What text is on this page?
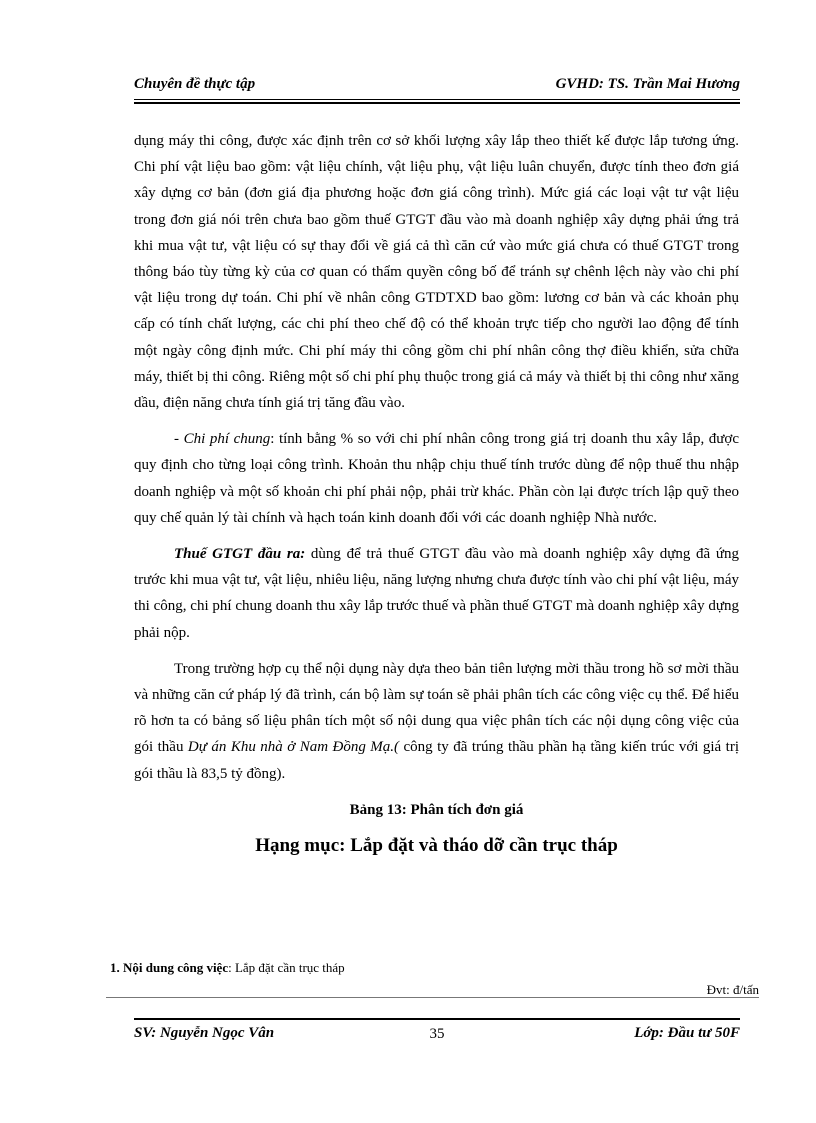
Chuyên đề thực tập	GVHD: TS. Trần Mai Hương

dụng máy thi công, được xác định trên cơ sở khối lượng xây lắp theo thiết kế được lắp tương ứng. Chi phí vật liệu bao gồm: vật liệu chính, vật liệu phụ, vật liệu luân chuyển, được tính theo đơn giá xây dựng cơ bản (đơn giá địa phương hoặc đơn giá công trình). Mức giá các loại vật tư vật liệu trong đơn giá nói trên chưa bao gồm thuế GTGT đầu vào mà doanh nghiệp xây dựng phải ứng trả khi mua vật tư, vật liệu có sự thay đổi về giá cả thì căn cứ vào mức giá chưa có thuế GTGT trong thông báo tùy từng kỳ của cơ quan có thẩm quyền công bố để tránh sự chênh lệch này vào chi phí vật liệu trong dự toán. Chi phí về nhân công GTDTXD bao gồm: lương cơ bản và các khoản phụ cấp có tính chất lượng, các chi phí theo chế độ có thể khoản trực tiếp cho người lao động để tính một ngày công định mức. Chi phí máy thi công gồm chi phí nhân công thợ điều khiển, sửa chữa máy, thiết bị thi công. Riêng một số chi phí phụ thuộc trong giá cả máy và thiết bị thi công như xăng dầu, điện năng chưa tính giá trị tăng đầu vào.

- Chi phí chung: tính bằng % so với chi phí nhân công trong giá trị doanh thu xây lắp, được quy định cho từng loại công trình. Khoản thu nhập chịu thuế tính trước dùng để nộp thuế thu nhập doanh nghiệp và một số khoản chi phí phải nộp, phải trừ khác. Phần còn lại được trích lập quỹ theo quy chế quản lý tài chính và hạch toán kinh doanh đối với các doanh nghiệp Nhà nước.

Thuế GTGT đầu ra: dùng để trả thuế GTGT đầu vào mà doanh nghiệp xây dựng đã ứng trước khi mua vật tư, vật liệu, nhiêu liệu, năng lượng nhưng chưa được tính vào chi phí vật liệu, máy thi công, chi phí chung doanh thu xây lắp trước thuế và phần thuế GTGT mà doanh nghiệp xây dựng phải nộp.

Trong trường hợp cụ thể nội dụng này dựa theo bản tiên lượng mời thầu trong hồ sơ mời thầu và những căn cứ pháp lý đã trình, cán bộ làm sự toán sẽ phải phân tích các công việc cụ thể. Để hiểu rõ hơn ta có bảng số liệu phân tích một số nội dung qua việc phân tích các nội dụng công việc của gói thầu Dự án Khu nhà ở Nam Đồng Mạ.( công ty đã trúng thầu phần hạ tầng kiến trúc với giá trị gói thầu là 83,5 tỷ đồng).

Bảng 13: Phân tích đơn giá

Hạng mục: Lắp đặt và tháo dỡ cần trục tháp

1. Nội dung công việc: Lắp đặt cần trục tháp
Đvt: đ/tấn
SV: Nguyễn Ngọc Vân	35	Lớp: Đầu tư 50F
